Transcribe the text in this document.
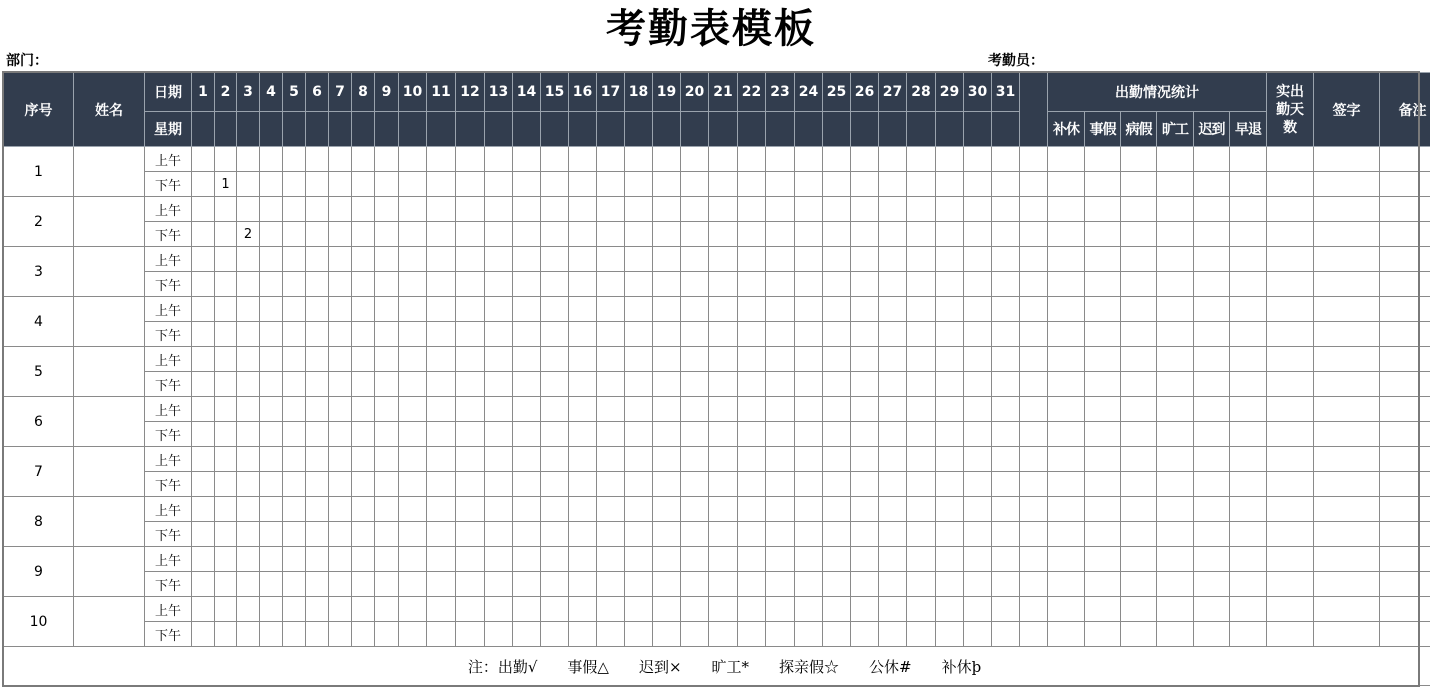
考勤表模板
部门：	考勤员：
序号	姓名	日期	1	2	3	4	5	6	7	8	9	10	11	12	13	14	15	16	17	18	19	20	21	22	23	24	25	26	27	28	29	30	31		出勤情况统计						实出勤天数	签字	备注
		星期																																	补休	事假	病假	旷工	迟到	早退			
1		上午																																									
		下午		1																																							
2		上午																																									
		下午			2																																						
3		上午																																									
		下午																																									
4		上午																																									
		下午																																									
5		上午																																									
		下午																																									
6		上午																																									
		下午																																									
7		上午																																									
		下午																																									
8		上午																																									
		下午																																									
9		上午																																									
		下午																																									
10		上午																																									
		下午																																									
注：出勤√　　事假△　　迟到×　　旷工*　　探亲假☆　　公休#　　补休þ																																											
